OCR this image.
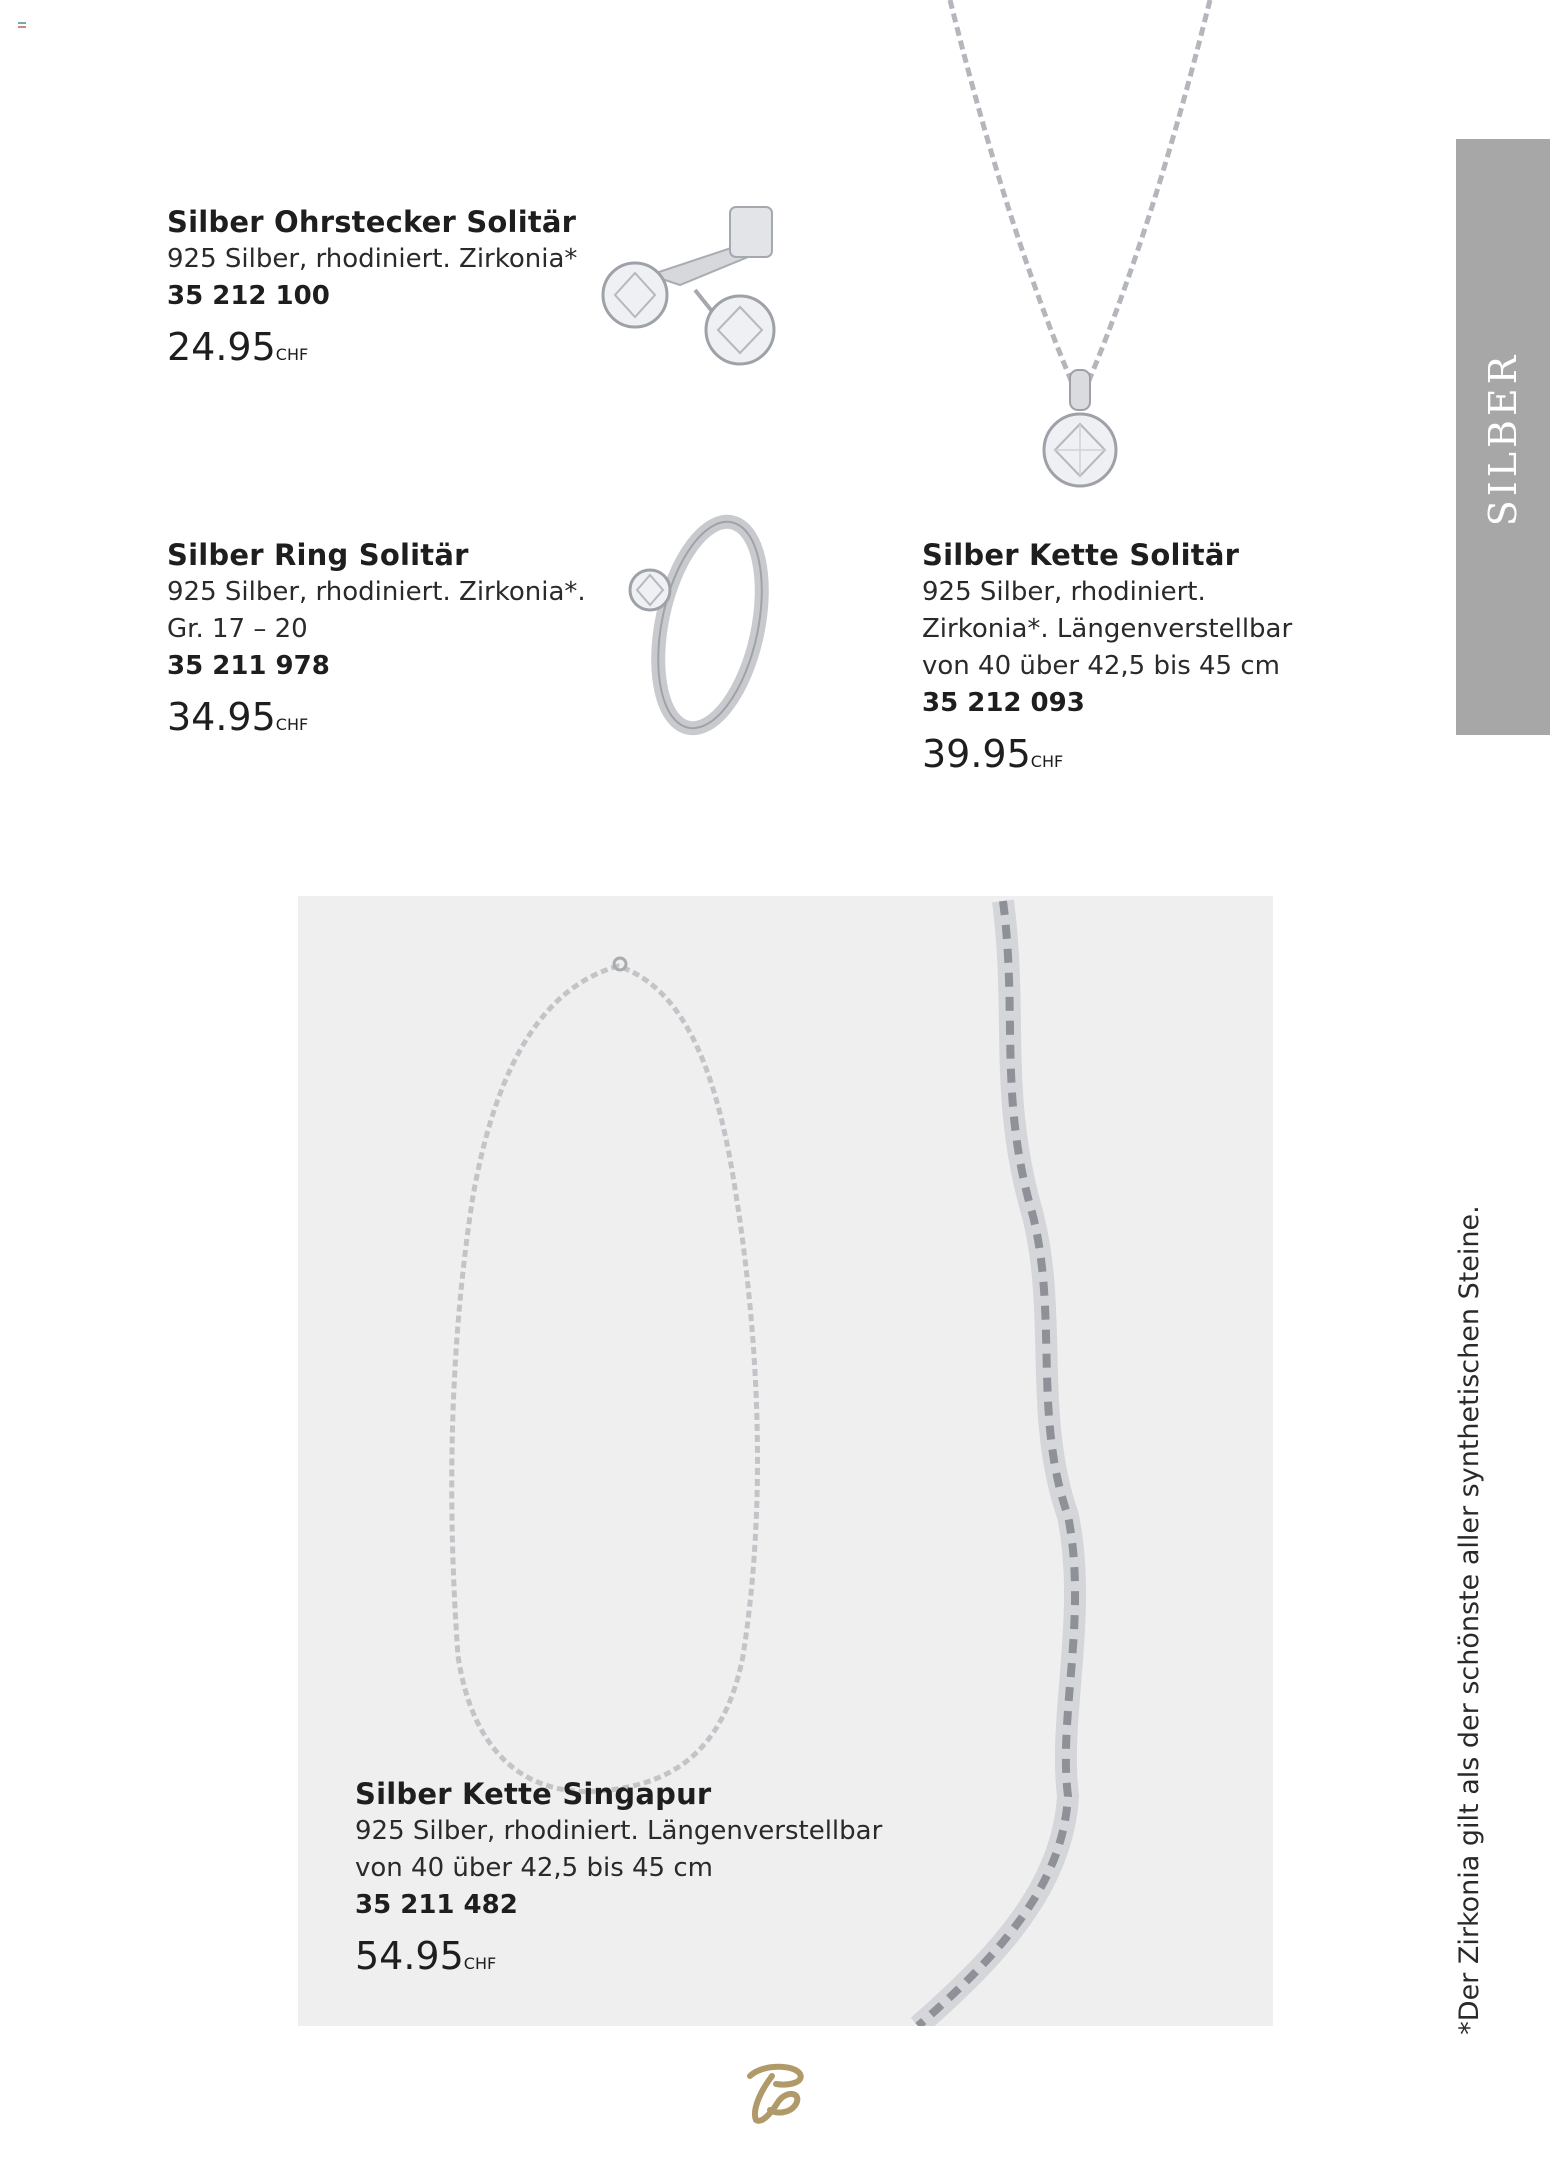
SILBER
*Der Zirkonia gilt als der schönste aller synthetischen Steine.
Silber Ohrstecker Solitär
925 Silber, rhodiniert. Zirkonia*
35 212 100
24.95CHF
Silber Ring Solitär
925 Silber, rhodiniert. Zirkonia*.
Gr. 17 – 20
35 211 978
34.95CHF
Silber Kette Solitär
925 Silber, rhodiniert.
Zirkonia*. Längenverstellbar
von 40 über 42,5 bis 45 cm
35 212 093
39.95CHF
Silber Kette Singapur
925 Silber, rhodiniert. Längenverstellbar
von 40 über 42,5 bis 45 cm
35 211 482
54.95CHF
